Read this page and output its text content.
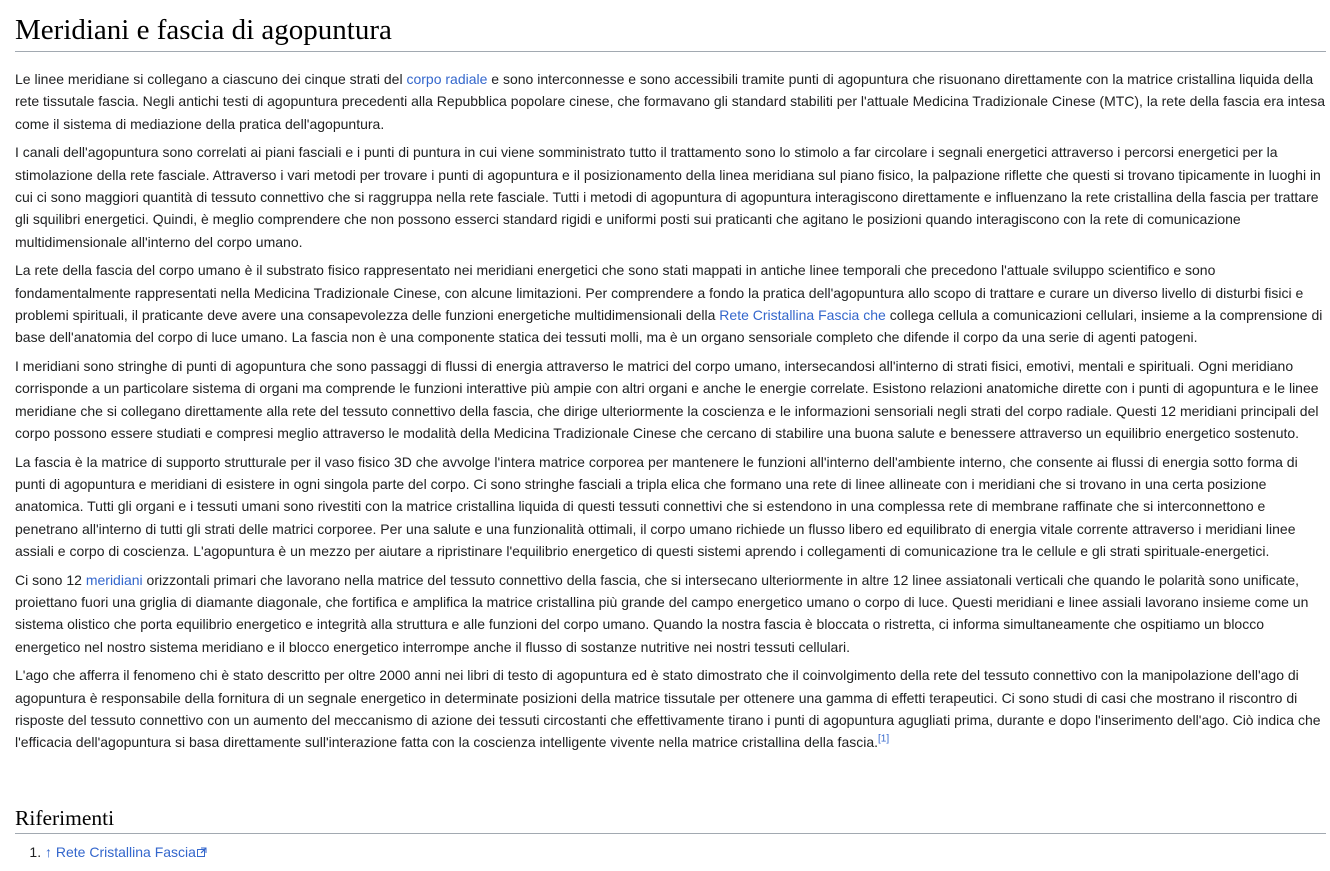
Meridiani e fascia di agopuntura

Le linee meridiane si collegano a ciascuno dei cinque strati del corpo radiale e sono interconnesse e sono accessibili tramite punti di agopuntura che risuonano direttamente con la matrice cristallina liquida della rete tissutale fascia. Negli antichi testi di agopuntura precedenti alla Repubblica popolare cinese, che formavano gli standard stabiliti per l'attuale Medicina Tradizionale Cinese (MTC), la rete della fascia era intesa come il sistema di mediazione della pratica dell'agopuntura.

I canali dell'agopuntura sono correlati ai piani fasciali e i punti di puntura in cui viene somministrato tutto il trattamento sono lo stimolo a far circolare i segnali energetici attraverso i percorsi energetici per la stimolazione della rete fasciale. Attraverso i vari metodi per trovare i punti di agopuntura e il posizionamento della linea meridiana sul piano fisico, la palpazione riflette che questi si trovano tipicamente in luoghi in cui ci sono maggiori quantità di tessuto connettivo che si raggruppa nella rete fasciale. Tutti i metodi di agopuntura di agopuntura interagiscono direttamente e influenzano la rete cristallina della fascia per trattare gli squilibri energetici. Quindi, è meglio comprendere che non possono esserci standard rigidi e uniformi posti sui praticanti che agitano le posizioni quando interagiscono con la rete di comunicazione multidimensionale all'interno del corpo umano.

La rete della fascia del corpo umano è il substrato fisico rappresentato nei meridiani energetici che sono stati mappati in antiche linee temporali che precedono l'attuale sviluppo scientifico e sono fondamentalmente rappresentati nella Medicina Tradizionale Cinese, con alcune limitazioni. Per comprendere a fondo la pratica dell'agopuntura allo scopo di trattare e curare un diverso livello di disturbi fisici e problemi spirituali, il praticante deve avere una consapevolezza delle funzioni energetiche multidimensionali della Rete Cristallina Fascia che collega cellula a comunicazioni cellulari, insieme a la comprensione di base dell'anatomia del corpo di luce umano. La fascia non è una componente statica dei tessuti molli, ma è un organo sensoriale completo che difende il corpo da una serie di agenti patogeni.

I meridiani sono stringhe di punti di agopuntura che sono passaggi di flussi di energia attraverso le matrici del corpo umano, intersecandosi all'interno di strati fisici, emotivi, mentali e spirituali. Ogni meridiano corrisponde a un particolare sistema di organi ma comprende le funzioni interattive più ampie con altri organi e anche le energie correlate. Esistono relazioni anatomiche dirette con i punti di agopuntura e le linee meridiane che si collegano direttamente alla rete del tessuto connettivo della fascia, che dirige ulteriormente la coscienza e le informazioni sensoriali negli strati del corpo radiale. Questi 12 meridiani principali del corpo possono essere studiati e compresi meglio attraverso le modalità della Medicina Tradizionale Cinese che cercano di stabilire una buona salute e benessere attraverso un equilibrio energetico sostenuto.

La fascia è la matrice di supporto strutturale per il vaso fisico 3D che avvolge l'intera matrice corporea per mantenere le funzioni all'interno dell'ambiente interno, che consente ai flussi di energia sotto forma di punti di agopuntura e meridiani di esistere in ogni singola parte del corpo. Ci sono stringhe fasciali a tripla elica che formano una rete di linee allineate con i meridiani che si trovano in una certa posizione anatomica. Tutti gli organi e i tessuti umani sono rivestiti con la matrice cristallina liquida di questi tessuti connettivi che si estendono in una complessa rete di membrane raffinate che si interconnettono e penetrano all'interno di tutti gli strati delle matrici corporee. Per una salute e una funzionalità ottimali, il corpo umano richiede un flusso libero ed equilibrato di energia vitale corrente attraverso i meridiani linee assiali e corpo di coscienza. L'agopuntura è un mezzo per aiutare a ripristinare l'equilibrio energetico di questi sistemi aprendo i collegamenti di comunicazione tra le cellule e gli strati spirituale-energetici.

Ci sono 12 meridiani orizzontali primari che lavorano nella matrice del tessuto connettivo della fascia, che si intersecano ulteriormente in altre 12 linee assiatonali verticali che quando le polarità sono unificate, proiettano fuori una griglia di diamante diagonale, che fortifica e amplifica la matrice cristallina più grande del campo energetico umano o corpo di luce. Questi meridiani e linee assiali lavorano insieme come un sistema olistico che porta equilibrio energetico e integrità alla struttura e alle funzioni del corpo umano. Quando la nostra fascia è bloccata o ristretta, ci informa simultaneamente che ospitiamo un blocco energetico nel nostro sistema meridiano e il blocco energetico interrompe anche il flusso di sostanze nutritive nei nostri tessuti cellulari.

L'ago che afferra il fenomeno chi è stato descritto per oltre 2000 anni nei libri di testo di agopuntura ed è stato dimostrato che il coinvolgimento della rete del tessuto connettivo con la manipolazione dell'ago di agopuntura è responsabile della fornitura di un segnale energetico in determinate posizioni della matrice tissutale per ottenere una gamma di effetti terapeutici. Ci sono studi di casi che mostrano il riscontro di risposte del tessuto connettivo con un aumento del meccanismo di azione dei tessuti circostanti che effettivamente tirano i punti di agopuntura agugliati prima, durante e dopo l'inserimento dell'ago. Ciò indica che l'efficacia dell'agopuntura si basa direttamente sull'interazione fatta con la coscienza intelligente vivente nella matrice cristallina della fascia.[1]

Riferimenti
1. ↑ Rete Cristallina Fascia
